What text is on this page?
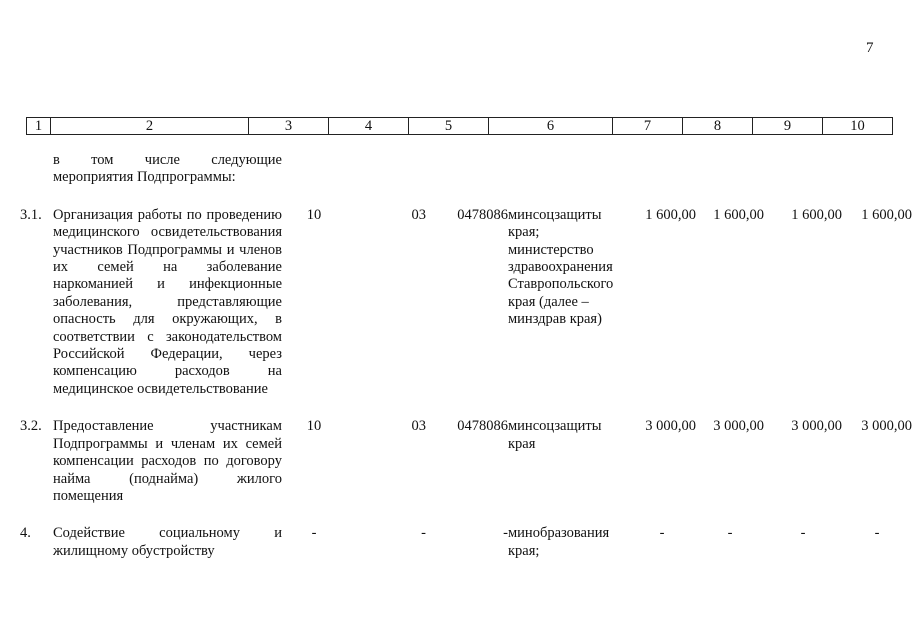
7
1	2	3	4	5	6	7	8	9	10
	в том числе следующие мероприятия Подпрограммы:								

3.1.	Организация работы по проведению медицинского освидетельствования участников Подпрограммы и членов их семей на заболевание наркоманией и инфекционные заболевания, представляющие опасность для окружающих, в соответствии с законодательством Российской Федерации, через компенсацию расходов на медицинское освидетельствование	10	03	0478086	минсоцзащиты края; министерство здравоохранения Ставропольского края (далее – минздрав края)	1 600,00	1 600,00	1 600,00	1 600,00

3.2.	Предоставление участникам Подпрограммы и членам их семей компенсации расходов по договору найма (поднайма) жилого помещения	10	03	0478086	минсоцзащиты края	3 000,00	3 000,00	3 000,00	3 000,00

4.	Содействие социальному и жилищному обустройству	-	-	-	минобразования края;	-	-	-	-
